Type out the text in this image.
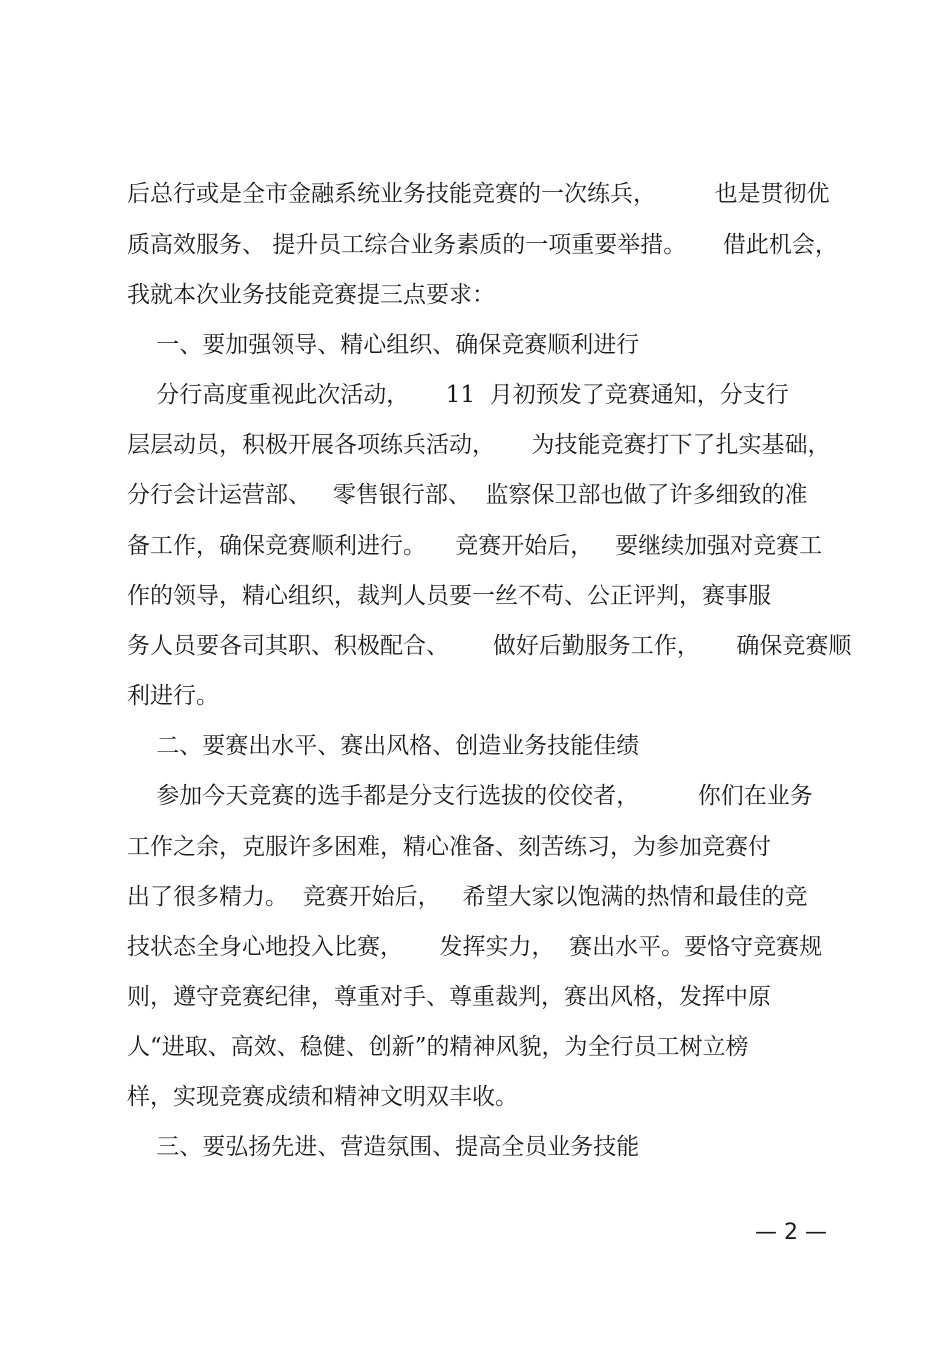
后总行或是全市金融系统业务技能竞赛的一次练兵，        也是贯彻优

质高效服务、 提升员工综合业务素质的一项重要举措。     借此机会，

我就本次业务技能竞赛提三点要求：

一、要加强领导、精心组织、确保竞赛顺利进行

分行高度重视此次活动，     11  月初预发了竞赛通知，分支行

层层动员，积极开展各项练兵活动，     为技能竞赛打下了扎实基础，

分行会计运营部、   零售银行部、  监察保卫部也做了许多细致的准

备工作，确保竞赛顺利进行。    竞赛开始后，   要继续加强对竞赛工

作的领导，精心组织，裁判人员要一丝不苟、公正评判，赛事服

务人员要各司其职、积极配合、      做好后勤服务工作，     确保竞赛顺

利进行。

二、要赛出水平、赛出风格、创造业务技能佳绩

参加今天竞赛的选手都是分支行选拔的佼佼者，        你们在业务

工作之余，克服许多困难，精心准备、刻苦练习，为参加竞赛付

出了很多精力。  竞赛开始后，   希望大家以饱满的热情和最佳的竞

技状态全身心地投入比赛，     发挥实力，  赛出水平。要恪守竞赛规

则，遵守竞赛纪律，尊重对手、尊重裁判，赛出风格，发挥中原

人“进取、高效、稳健、创新”的精神风貌，为全行员工树立榜

样，实现竞赛成绩和精神文明双丰收。

三、要弘扬先进、营造氛围、提高全员业务技能

— 2 —
